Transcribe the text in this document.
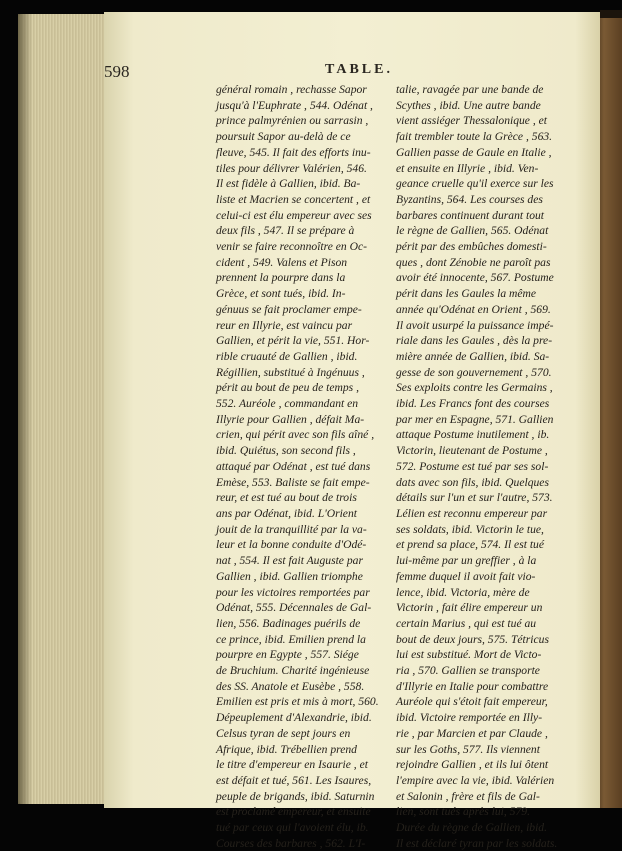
598	TABLE.
général romain , rechasse Sapor
jusqu'à l'Euphrate , 544. Odénat ,
prince palmyrénien ou sarrasin ,
poursuit Sapor au-delà de ce
fleuve, 545. Il fait des efforts inu-
tiles pour délivrer Valérien, 546.
Il est fidèle à Gallien, ibid. Ba-
liste et Macrien se concertent , et
celui-ci est élu empereur avec ses
deux fils , 547. Il se prépare à
venir se faire reconnoître en Oc-
cident , 549. Valens et Pison
prennent la pourpre dans la
Grèce, et sont tués, ibid. In-
génuus se fait proclamer empe-
reur en Illyrie, est vaincu par
Gallien, et périt la vie, 551. Hor-
rible cruauté de Gallien , ibid.
Régillien, substitué à Ingénuus ,
périt au bout de peu de temps ,
552. Auréole , commandant en
Illyrie pour Gallien , défait Ma-
crien, qui périt avec son fils aîné ,
ibid. Quiétus, son second fils ,
attaqué par Odénat , est tué dans
Emèse, 553. Baliste se fait empe-
reur, et est tué au bout de trois
ans par Odénat, ibid. L'Orient
jouit de la tranquillité par la va-
leur et la bonne conduite d'Odé-
nat , 554. Il est fait Auguste par
Gallien , ibid. Gallien triomphe
pour les victoires remportées par
Odénat, 555. Décennales de Gal-
lien, 556. Badinages puérils de
ce prince, ibid. Emilien prend la
pourpre en Egypte , 557. Siége
de Bruchium. Charité ingénieuse
des SS. Anatole et Eusèbe , 558.
Emilien est pris et mis à mort, 560.
Dépeuplement d'Alexandrie, ibid.
Celsus tyran de sept jours en
Afrique, ibid. Trébellien prend
le titre d'empereur en Isaurie , et
est défait et tué, 561. Les Isaures,
peuple de brigands, ibid. Saturnin
est proclamé empereur, et ensuite
tué par ceux qui l'avoient élu, ib.
Courses des barbares , 562. L'I-
talie, ravagée par une bande de
Scythes , ibid. Une autre bande
vient assiéger Thessalonique , et
fait trembler toute la Grèce , 563.
Gallien passe de Gaule en Italie ,
et ensuite en Illyrie , ibid. Ven-
geance cruelle qu'il exerce sur les
Byzantins, 564. Les courses des
barbares continuent durant tout
le règne de Gallien, 565. Odénat
périt par des embûches domesti-
ques , dont Zénobie ne paroît pas
avoir été innocente, 567. Postume
périt dans les Gaules la même
année qu'Odénat en Orient , 569.
Il avoit usurpé la puissance impé-
riale dans les Gaules , dès la pre-
mière année de Gallien, ibid. Sa-
gesse de son gouvernement , 570.
Ses exploits contre les Germains ,
ibid. Les Francs font des courses
par mer en Espagne, 571. Gallien
attaque Postume inutilement , ib.
Victorin, lieutenant de Postume ,
572. Postume est tué par ses sol-
dats avec son fils, ibid. Quelques
détails sur l'un et sur l'autre, 573.
Lélien est reconnu empereur par
ses soldats, ibid. Victorin le tue,
et prend sa place, 574. Il est tué
lui-même par un greffier , à la
femme duquel il avoit fait vio-
lence, ibid. Victoria, mère de
Victorin , fait élire empereur un
certain Marius , qui est tué au
bout de deux jours, 575. Tétricus
lui est substitué. Mort de Victo-
ria , 570. Gallien se transporte
d'Illyrie en Italie pour combattre
Auréole qui s'étoit fait empereur,
ibid. Victoire remportée en Illy-
rie , par Marcien et par Claude ,
sur les Goths, 577. Ils viennent
rejoindre Gallien , et ils lui ôtent
l'empire avec la vie, ibid. Valérien
et Salonin , frère et fils de Gal-
lien, sont tués après lui, 579.
Durée du règne de Gallien, ibid.
Il est déclaré tyran par les soldats.
